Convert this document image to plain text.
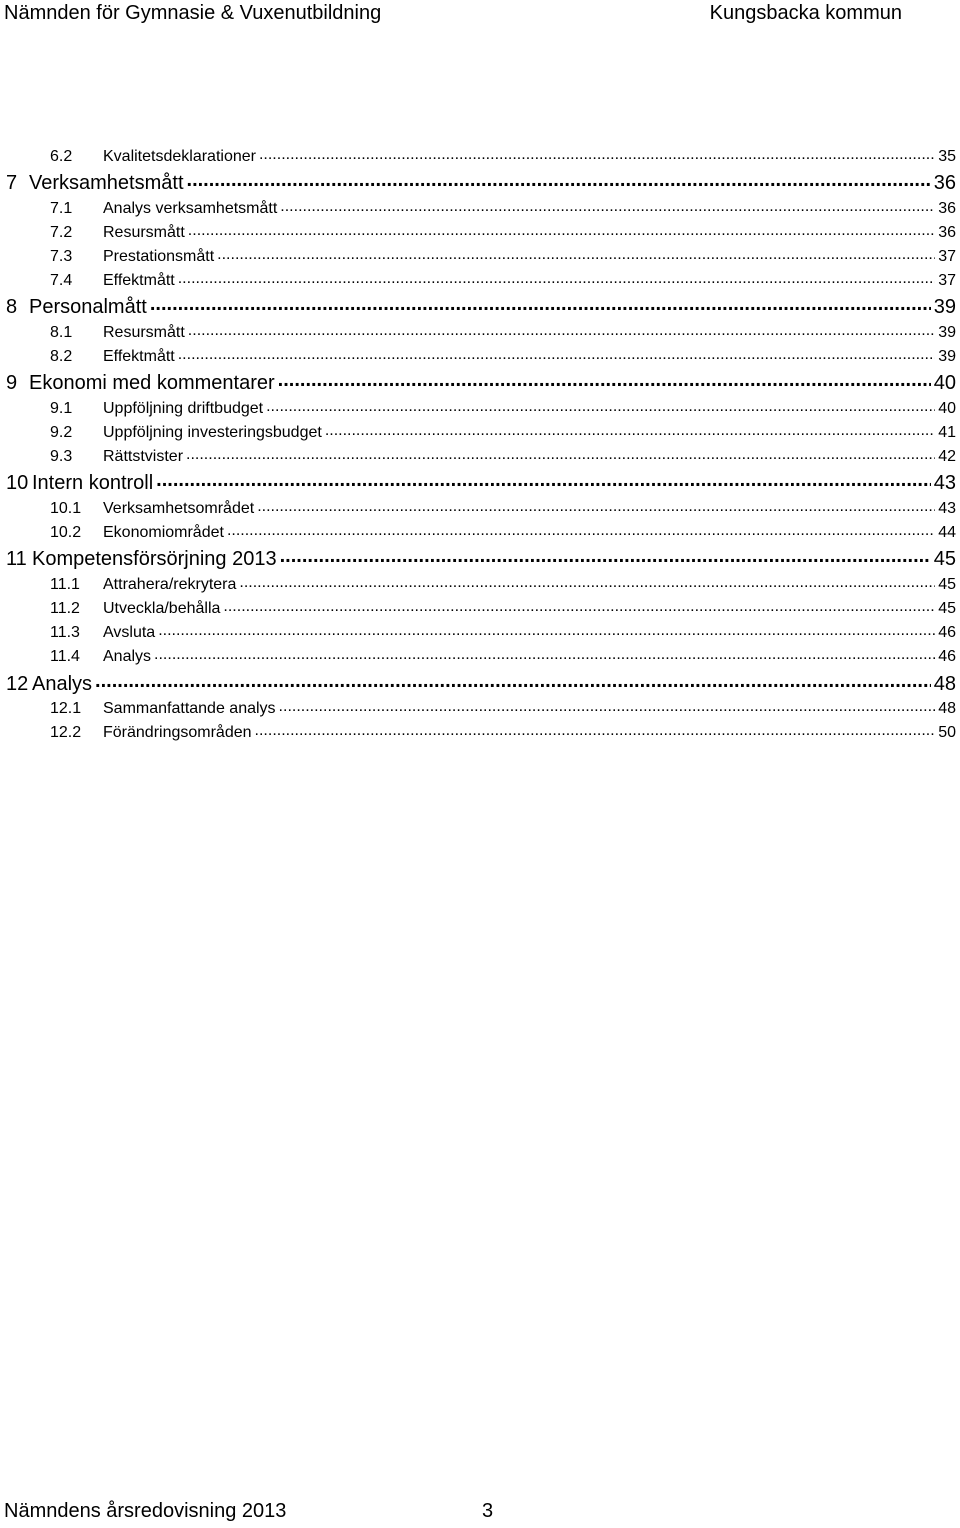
Nämnden för Gymnasie & Vuxenutbildning	Kungsbacka kommun
6.2	Kvalitetsdeklarationer .....	35
7 Verksamhetsmått .....	36
7.1	Analys verksamhetsmått .....	36
7.2	Resursmått .....	36
7.3	Prestationsmått .....	37
7.4	Effektmått .....	37
8 Personalmått .....	39
8.1	Resursmått .....	39
8.2	Effektmått .....	39
9 Ekonomi med kommentarer .....	40
9.1	Uppföljning driftbudget .....	40
9.2	Uppföljning investeringsbudget .....	41
9.3	Rättstvister .....	42
10 Intern kontroll .....	43
10.1	Verksamhetsområdet .....	43
10.2	Ekonomiområdet .....	44
11 Kompetensförsörjning 2013 .....	45
11.1	Attrahera/rekrytera .....	45
11.2	Utveckla/behålla .....	45
11.3	Avsluta .....	46
11.4	Analys .....	46
12 Analys .....	48
12.1	Sammanfattande analys .....	48
12.2	Förändringsområden .....	50
Nämndens årsredovisning 2013	3
